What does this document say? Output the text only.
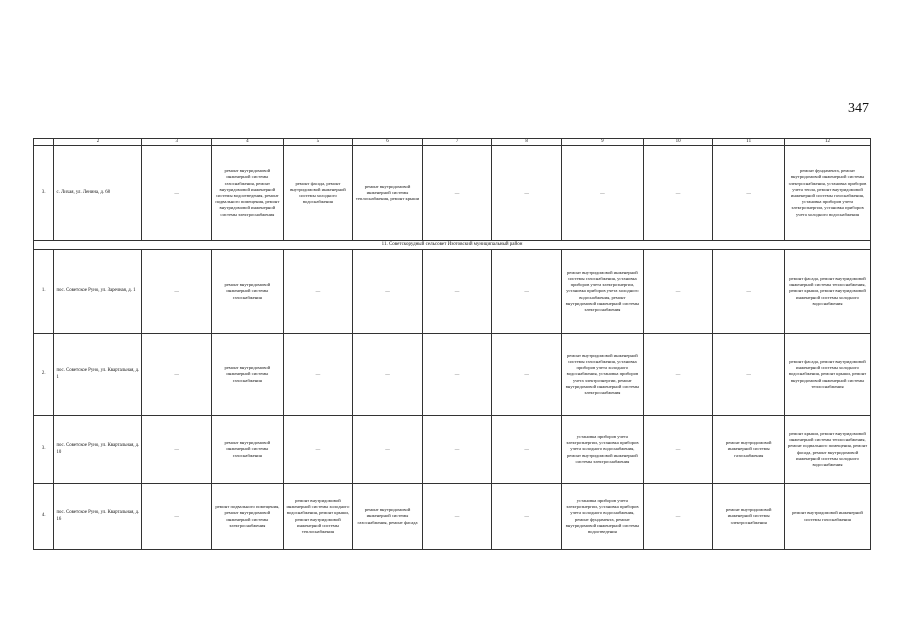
347
	2	3	4	5	6	7	8	9	10	11	12
3.	с. Лихая, ул. Ленина, д. 68	—	ремонт внутридомовой инженерной системы газоснабжения, ремонт внутридомовой инженерной системы водоотведения, ремонт подвального помещения, ремонт внутридомовой инженерной системы электроснабжения	ремонт фасада, ремонт внутридомовой инженерной системы холодного водоснабжения	ремонт внутридомовой инженерной системы теплоснабжения, ремонт крыши	—	—	—	—	—	ремонт фундамента, ремонт внутридомовой инженерной системы электроснабжения, установка приборов учета тепла, ремонт внутридомовой инженерной системы газоснабжения, установка приборов учета электроэнергии, установка приборов учета холодного водоснабжения
11. Советскорудный сельсовет Изотовский муниципальный район											
1.	пос. Советское Руно, ул. Заречная, д. 1	—	ремонт внутридомовой инженерной системы газоснабжения	—	—	—	—	ремонт внутридомовой инженерной системы газоснабжения, установка приборов учета электроэнергии, установка приборов учета холодного водоснабжения, ремонт внутридомовой инженерной системы электроснабжения	—	—	ремонт фасада, ремонт внутридомовой инженерной системы теплоснабжения, ремонт крыши, ремонт внутридомовой инженерной системы холодного водоснабжения
2.	пос. Советское Руно, ул. Квартальная, д. 1	—	ремонт внутридомовой инженерной системы газоснабжения	—	—	—	—	ремонт внутридомовой инженерной системы газоснабжения, установка приборов учета холодного водоснабжения, установка приборов учета электроэнергии, ремонт внутридомовой инженерной системы электроснабжения	—	—	ремонт фасада, ремонт внутридомовой инженерной системы холодного водоснабжения, ремонт крыши, ремонт внутридомовой инженерной системы теплоснабжения
3.	пос. Советское Руно, ул. Квартальная, д. 10	—	ремонт внутридомовой инженерной системы газоснабжения	—	—	—	—	установка приборов учета электроэнергии, установка приборов учета холодного водоснабжения, ремонт внутридомовой инженерной системы электроснабжения	—	ремонт внутридомовой инженерной системы газоснабжения	ремонт крыши, ремонт внутридомовой инженерной системы теплоснабжения, ремонт подвального помещения, ремонт фасада, ремонт внутридомовой инженерной системы холодного водоснабжения
4.	пос. Советское Руно, ул. Квартальная, д. 16	—	ремонт подвального помещения, ремонт внутридомовой инженерной системы электроснабжения	ремонт внутридомовой инженерной системы холодного водоснабжения, ремонт крыши, ремонт внутридомовой инженерной системы теплоснабжения	ремонт внутридомовой инженерной системы газоснабжения, ремонт фасада	—	—	установка приборов учета электроэнергии, установка приборов учета холодного водоснабжения, ремонт фундамента, ремонт внутридомовой инженерной системы водоотведения	—	ремонт внутридомовой инженерной системы электроснабжения	ремонт внутридомовой инженерной системы газоснабжения
